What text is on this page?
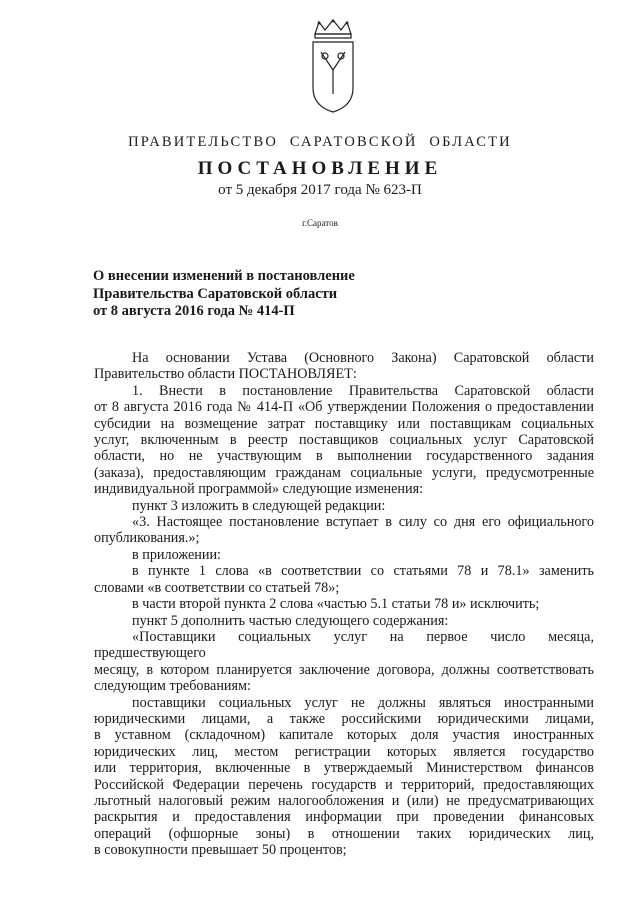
ПРАВИТЕЛЬСТВО САРАТОВСКОЙ ОБЛАСТИ
ПОСТАНОВЛЕНИЕ
от 5 декабря 2017 года № 623-П
г.Саратов
О внесении изменений в постановление
Правительства Саратовской области
от 8 августа 2016 года № 414-П

На основании Устава (Основного Закона) Саратовской области

Правительство области ПОСТАНОВЛЯЕТ:

1. Внести в постановление Правительства Саратовской области

от 8 августа 2016 года № 414-П «Об утверждении Положения о предоставлении

субсидии на возмещение затрат поставщику или поставщикам социальных

услуг, включенным в реестр поставщиков социальных услуг Саратовской

области, но не участвующим в выполнении государственного задания

(заказа), предоставляющим гражданам социальные услуги, предусмотренные

индивидуальной программой» следующие изменения:

пункт 3 изложить в следующей редакции:

«3. Настоящее постановление вступает в силу со дня его официального

опубликования.»;

в приложении:

в пункте 1 слова «в соответствии со статьями 78 и 78.1» заменить

словами «в соответствии со статьей 78»;

в части второй пункта 2 слова «частью 5.1 статьи 78 и» исключить;

пункт 5 дополнить частью следующего содержания:

«Поставщики социальных услуг на первое число месяца, предшествующего

месяцу, в котором планируется заключение договора, должны соответствовать

следующим требованиям:

поставщики социальных услуг не должны являться иностранными

юридическими лицами, а также российскими юридическими лицами,

в уставном (складочном) капитале которых доля участия иностранных

юридических лиц, местом регистрации которых является государство

или территория, включенные в утверждаемый Министерством финансов

Российской Федерации перечень государств и территорий, предоставляющих

льготный налоговый режим налогообложения и (или) не предусматривающих

раскрытия и предоставления информации при проведении финансовых

операций (офшорные зоны) в отношении таких юридических лиц,

в совокупности превышает 50 процентов;
